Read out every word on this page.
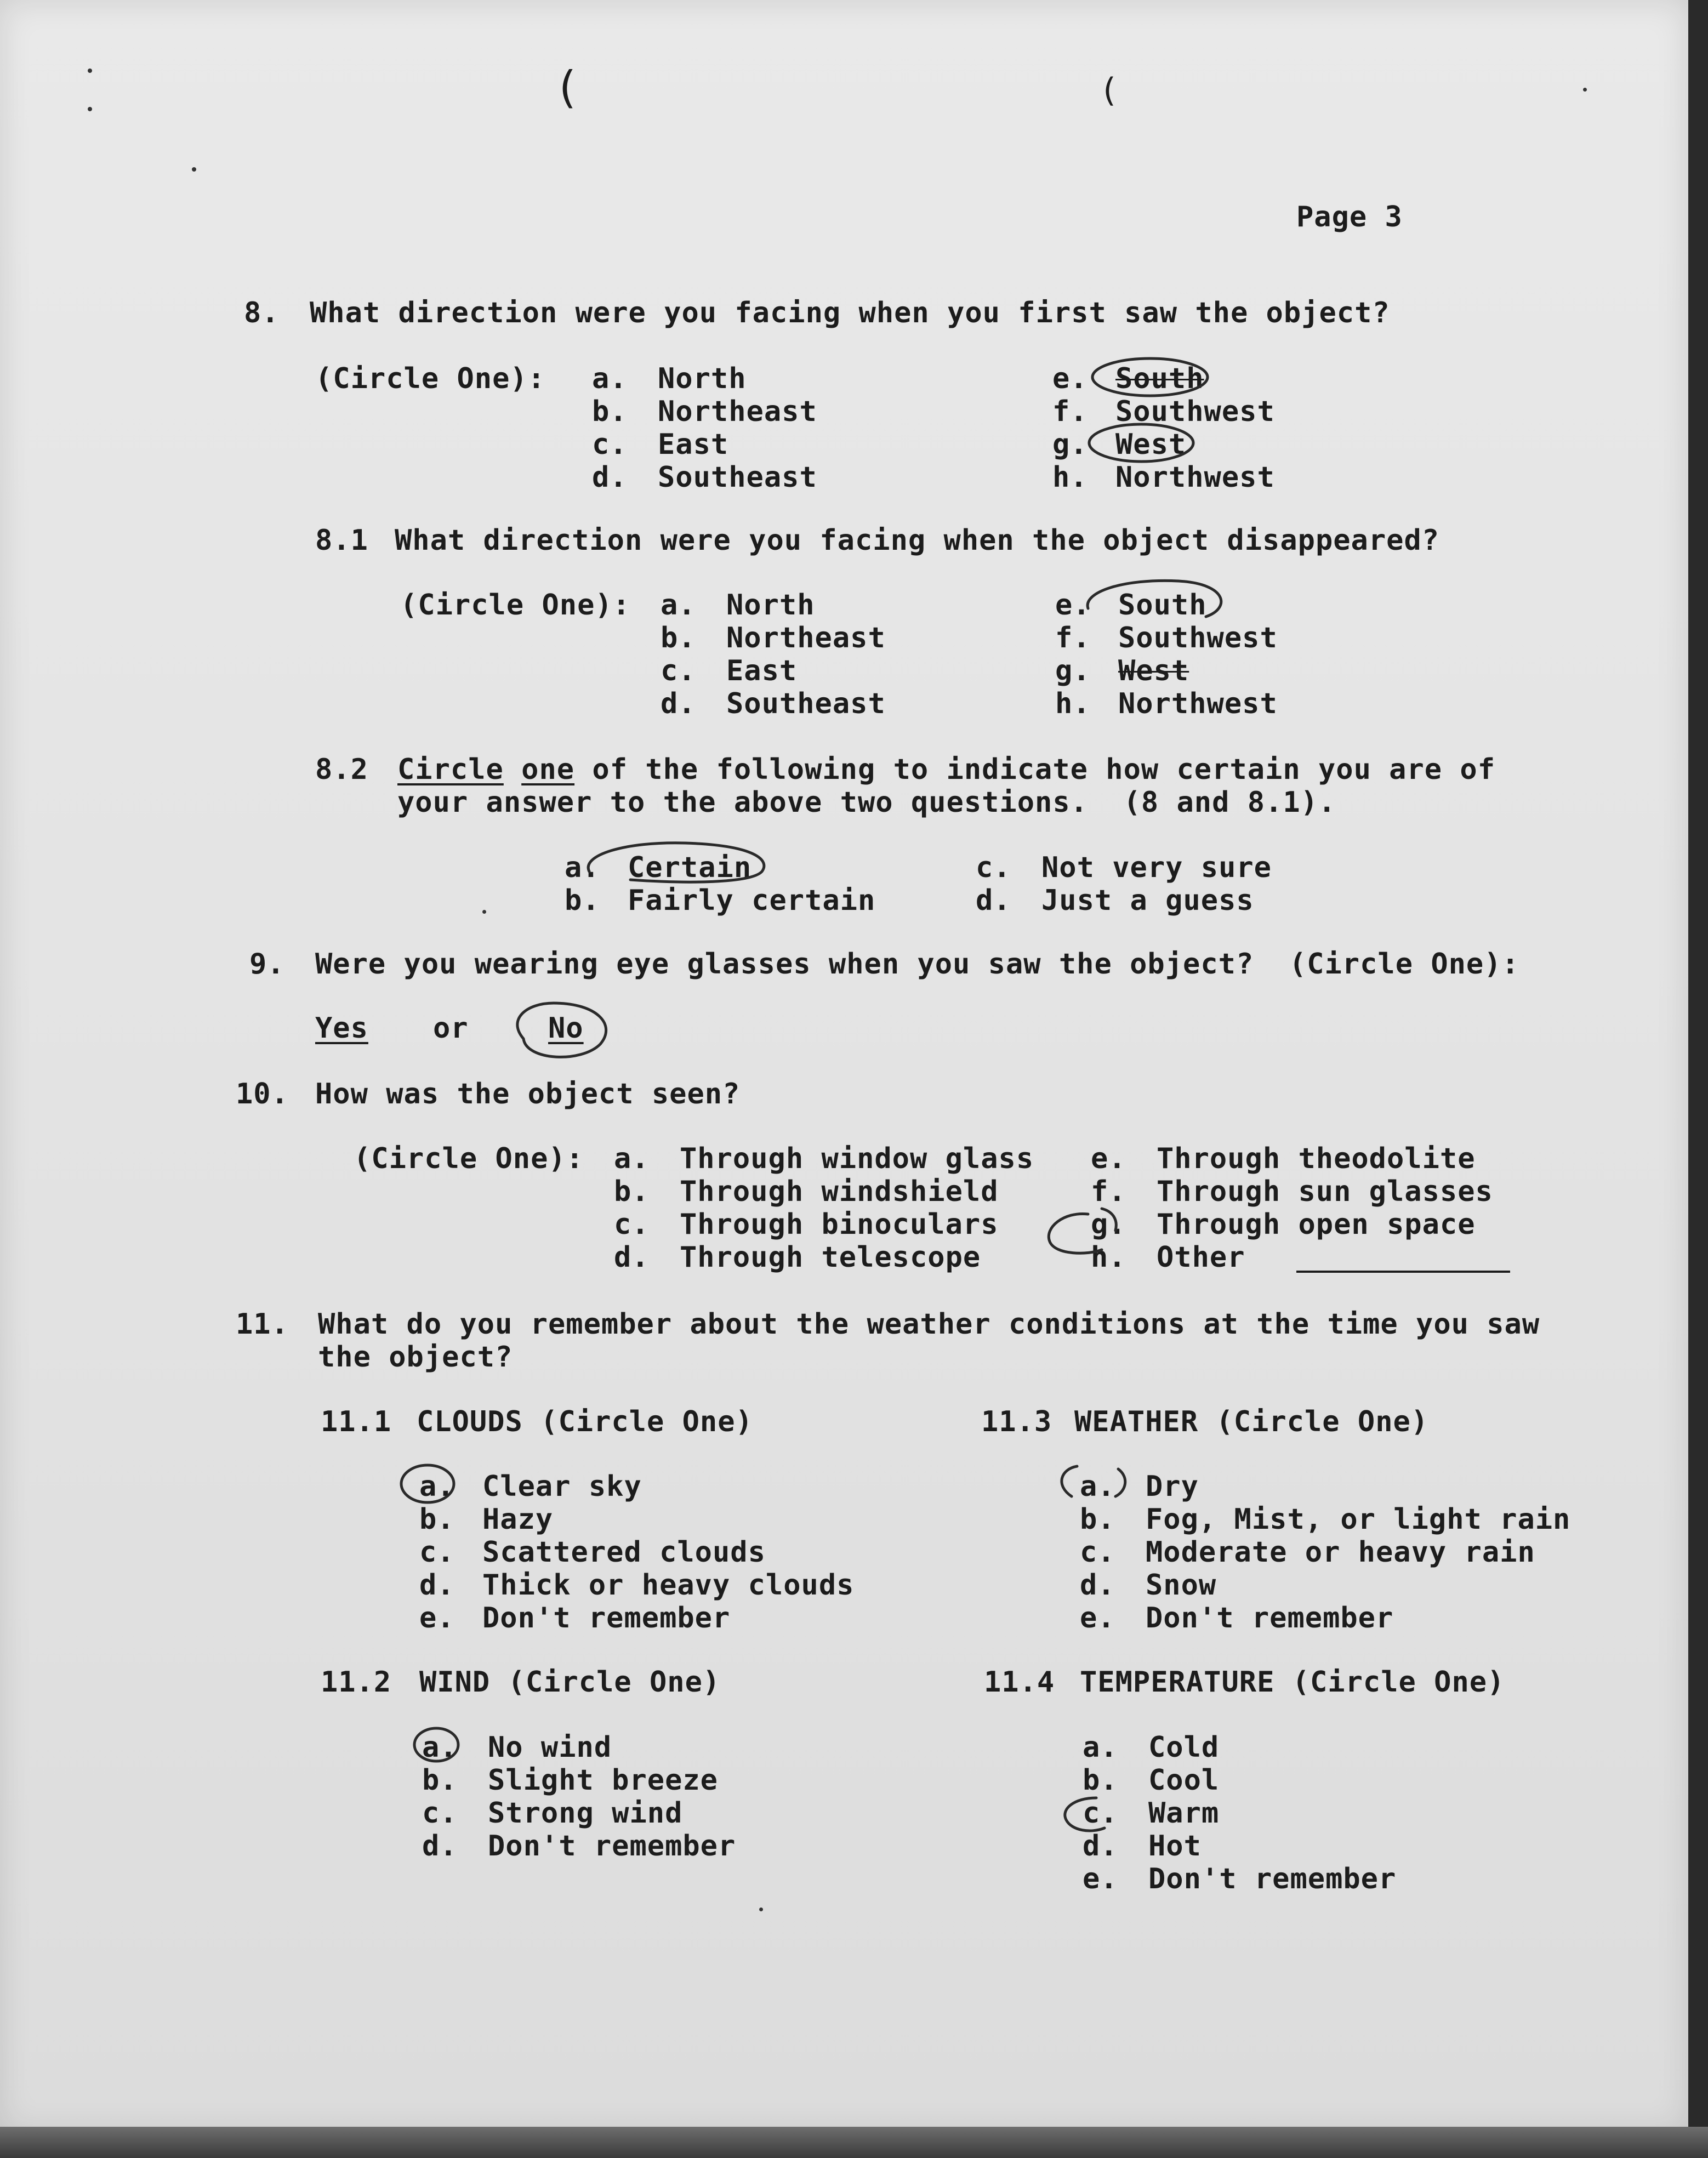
(	(
Page 3
8. What direction were you facing when you first saw the object?
(Circle One): a. North
b. Northeast
c. East
d. Southeast
e. South
f. Southwest
g. West
h. Northwest
8.1 What direction were you facing when the object disappeared?
(Circle One): a. North
b. Northeast
c. East
d. Southeast
e. South
f. Southwest
g. West
h. Northwest
8.2 Circle one of the following to indicate how certain you are of
your answer to the above two questions.  (8 and 8.1).
a. Certain
b. Fairly certain
c. Not very sure
d. Just a guess
9. Were you wearing eye glasses when you saw the object?  (Circle One):
Yes or	No
10. How was the object seen?
(Circle One): a. Through window glass
b. Through windshield
c. Through binoculars
d. Through telescope
e. Through theodolite
f. Through sun glasses
g. Through open space
h. Other
11. What do you remember about the weather conditions at the time you saw
the object?
11.1 CLOUDS (Circle One)
a. Clear sky
b. Hazy
c. Scattered clouds
d. Thick or heavy clouds
e. Don't remember
11.3 WEATHER (Circle One)
a. Dry
b. Fog, Mist, or light rain
c. Moderate or heavy rain
d. Snow
e. Don't remember
11.2 WIND (Circle One)
a. No wind
b. Slight breeze
c. Strong wind
d. Don't remember
11.4 TEMPERATURE (Circle One)
a. Cold
b. Cool
c. Warm
d. Hot
e. Don't remember
